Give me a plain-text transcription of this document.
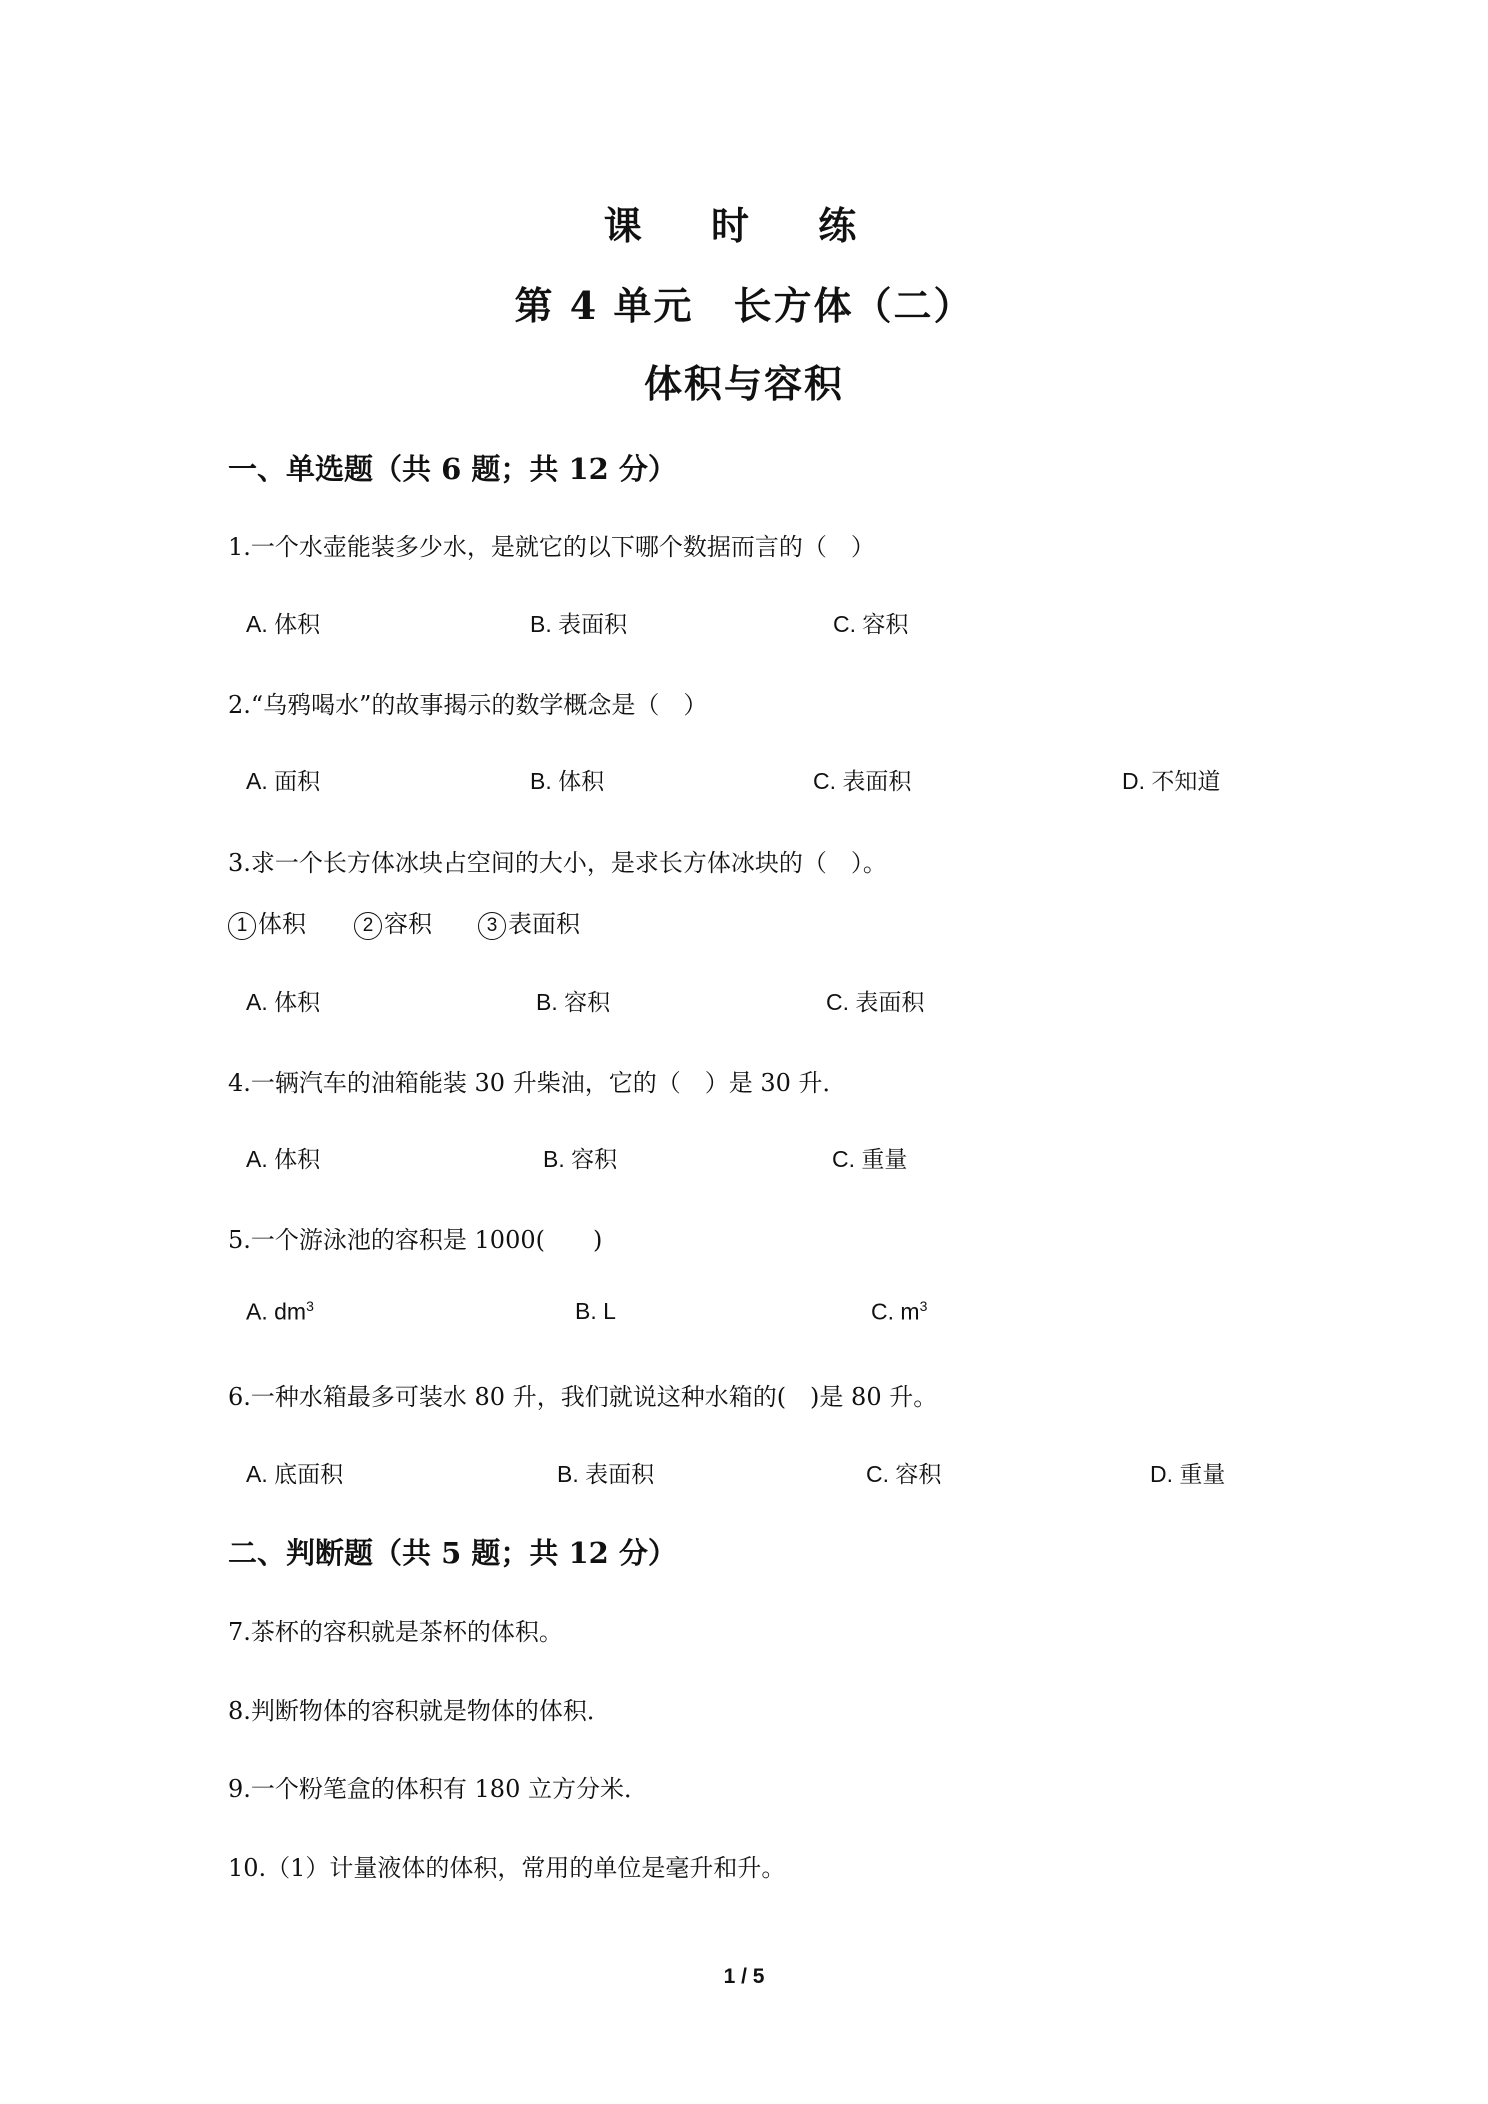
课 时 练
第 4 单元　长方体（二）
体积与容积
一、单选题（共 6 题；共 12 分）
1.一个水壶能装多少水，是就它的以下哪个数据而言的（　）
A. 体积	B. 表面积	C. 容积
2.“乌鸦喝水”的故事揭示的数学概念是（　）
A. 面积	B. 体积	C. 表面积	D. 不知道
3.求一个长方体冰块占空间的大小，是求长方体冰块的（　）。
1 体积	2 容积	3 表面积
A. 体积	B. 容积	C. 表面积
4.一辆汽车的油箱能装 30 升柴油，它的（　）是 30 升．
A. 体积	B. 容积	C. 重量
5.一个游泳池的容积是 1000(　　)
A. $dm^3$	B. L	C. $m^3$
6.一种水箱最多可装水 80 升，我们就说这种水箱的(　)是 80 升。
A. 底面积	B. 表面积	C. 容积	D. 重量
二、判断题（共 5 题；共 12 分）
7.茶杯的容积就是茶杯的体积。
8.判断物体的容积就是物体的体积．
9.一个粉笔盒的体积有 180 立方分米．
10.（1）计量液体的体积，常用的单位是毫升和升。
1 / 5
